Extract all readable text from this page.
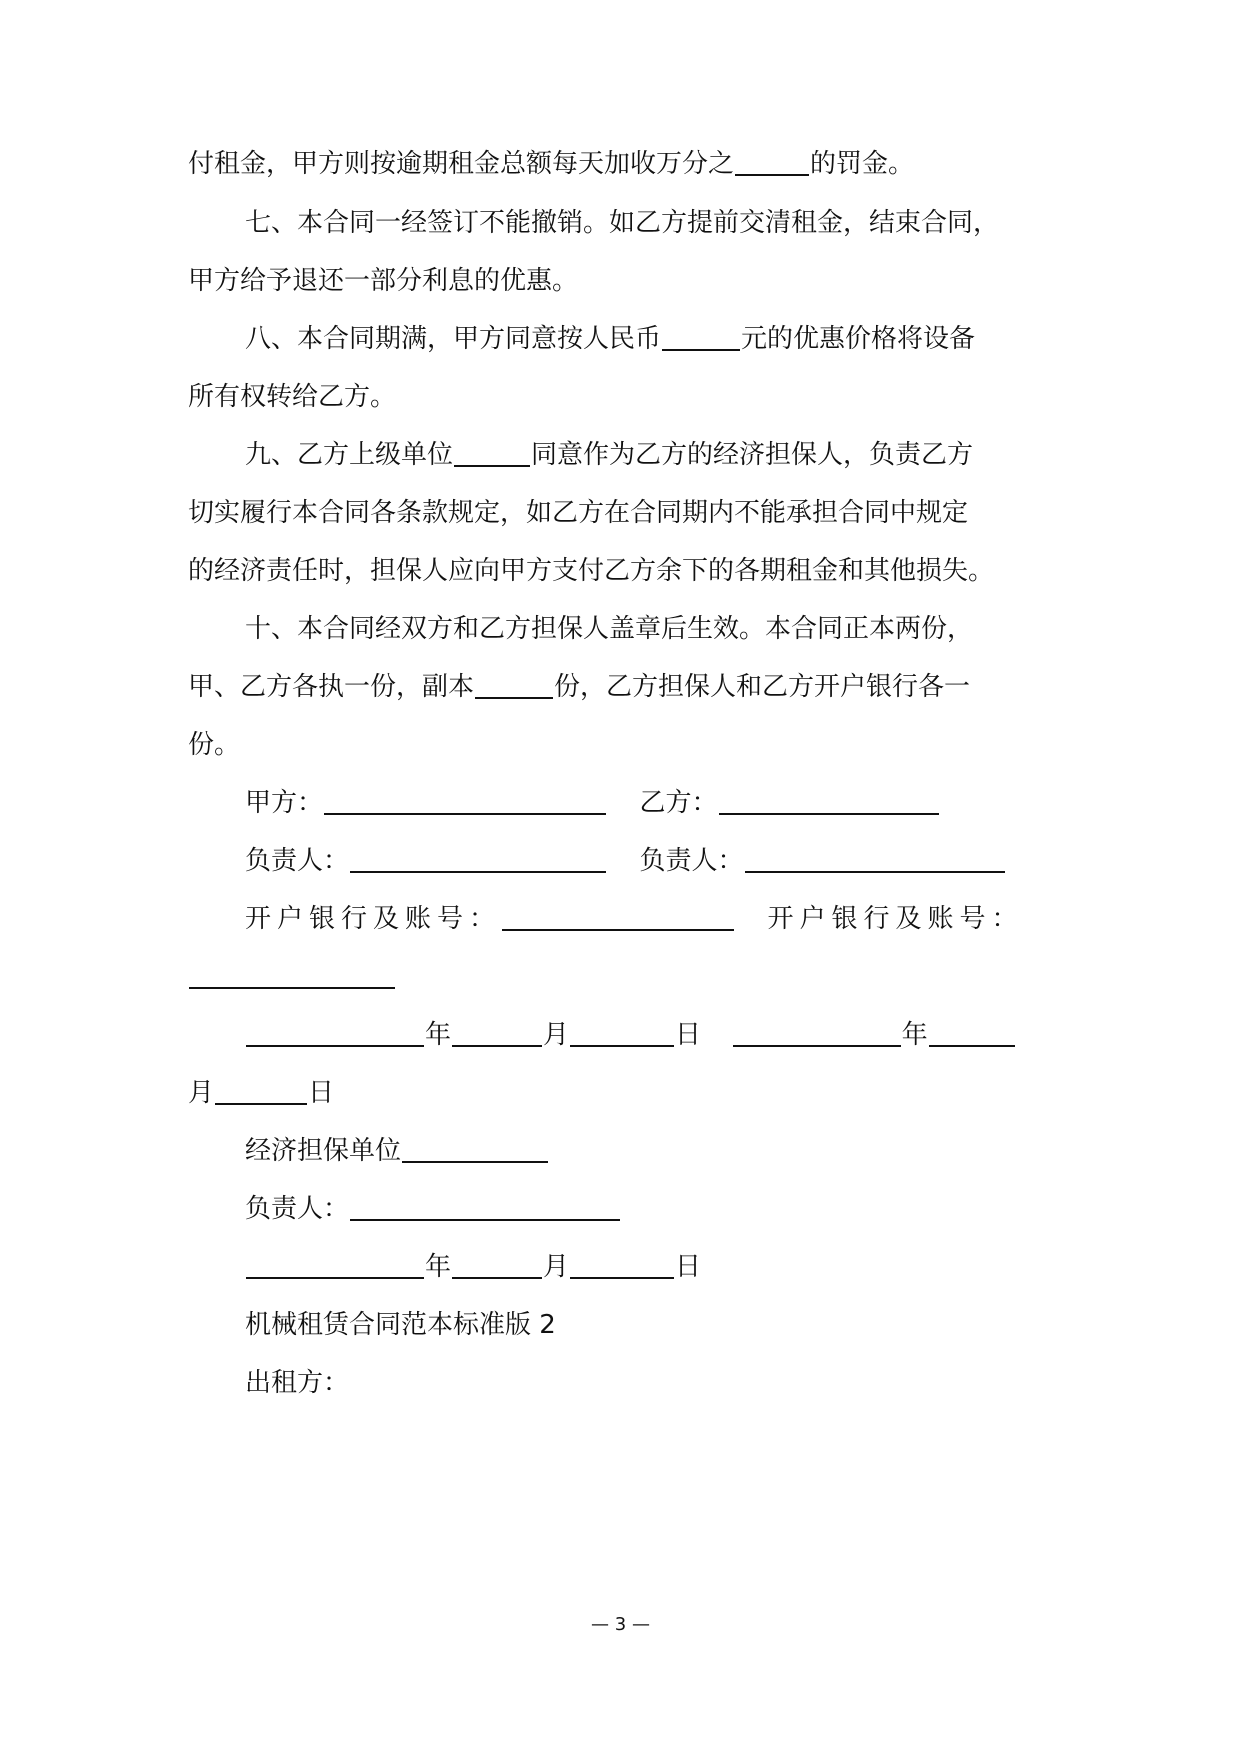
付租金，甲方则按逾期租金总额每天加收万分之	的罚金。
七、本合同一经签订不能撤销。如乙方提前交清租金，结束合同，
甲方给予退还一部分利息的优惠。
八、本合同期满，甲方同意按人民币	元的优惠价格将设备
所有权转给乙方。
九、乙方上级单位	同意作为乙方的经济担保人，负责乙方
切实履行本合同各条款规定，如乙方在合同期内不能承担合同中规定
的经济责任时，担保人应向甲方支付乙方余下的各期租金和其他损失。
十、本合同经双方和乙方担保人盖章后生效。本合同正本两份，
甲、乙方各执一份，副本	份，乙方担保人和乙方开户银行各一
份。
甲方：	乙方：
负责人：	负责人：
开户银行及账号：	开户银行及账号：
年	月	日	年
月	日
经济担保单位
负责人：
年	月	日
机械租赁合同范本标准版 2
出租方：
— 3 —
